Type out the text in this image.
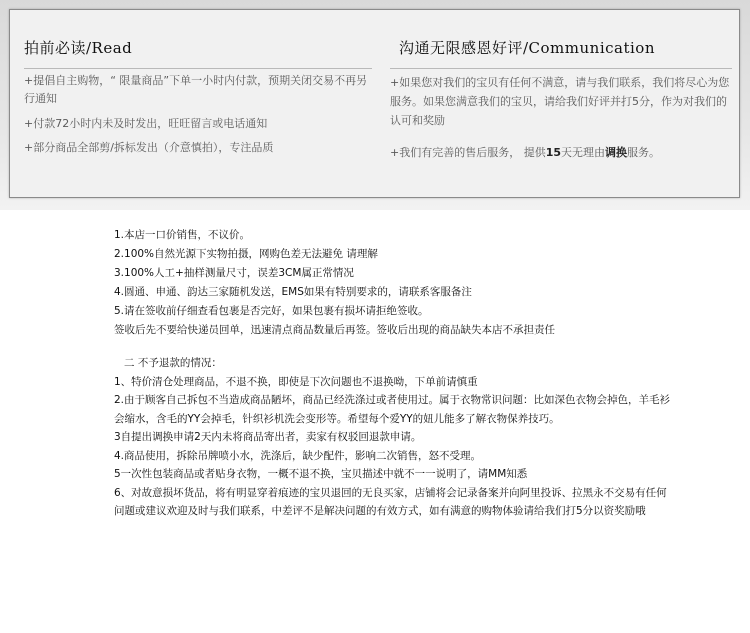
拍前必读/Read
+提倡自主购物，“ 限量商品”下单一小时内付款，预期关闭交易不再另行通知
+付款72小时内未及时发出，旺旺留言或电话通知
+部分商品全部剪/拆标发出（介意慎拍），专注品质
沟通无限感恩好评/Communication
+如果您对我们的宝贝有任何不满意，请与我们联系，我们将尽心为您服务。如果您满意我们的宝贝，请给我们好评并打5分，作为对我们的认可和奖励
+我们有完善的售后服务， 提供15天无理由调换服务。
1.本店一口价销售，不议价。
2.100%自然光源下实物拍摄，网购色差无法避免 请理解
3.100%人工+抽样测量尺寸，误差3CM属正常情况
4.圆通、申通、韵达三家随机发送，EMS如果有特别要求的，请联系客服备注
5.请在签收前仔细查看包裹是否完好，如果包裹有损坏请拒绝签收。
签收后先不要给快递员回单，迅速清点商品数量后再签。签收后出现的商品缺失本店不承担责任
二 不予退款的情况：
1、特价清仓处理商品，不退不换，即使是下次问题也不退换呦，下单前请慎重
2.由于顾客自己拆包不当造成商品陋坏，商品已经洗涤过或者使用过。属于衣物常识问题：比如深色衣物会掉色，羊毛衫会缩水，含毛的YY会掉毛，针织衫机洗会变形等。希望每个爱YY的妞儿能多了解衣物保养技巧。
3自提出调换申请2天内未将商品寄出者，卖家有权驳回退款申请。
4.商品使用，拆除吊牌喷小水，洗涤后，缺少配件，影响二次销售，怒不受理。
5一次性包装商品或者贴身衣物，一概不退不换，宝贝描述中就不一一说明了，请MM知悉
6、对故意损坏货品，将有明显穿着痕迹的宝贝退回的无良买家，店铺将会记录备案并向阿里投诉、拉黑永不交易有任何问题或建议欢迎及时与我们联系，中差评不是解决问题的有效方式，如有满意的购物体验请给我们打5分以资奖励哦
